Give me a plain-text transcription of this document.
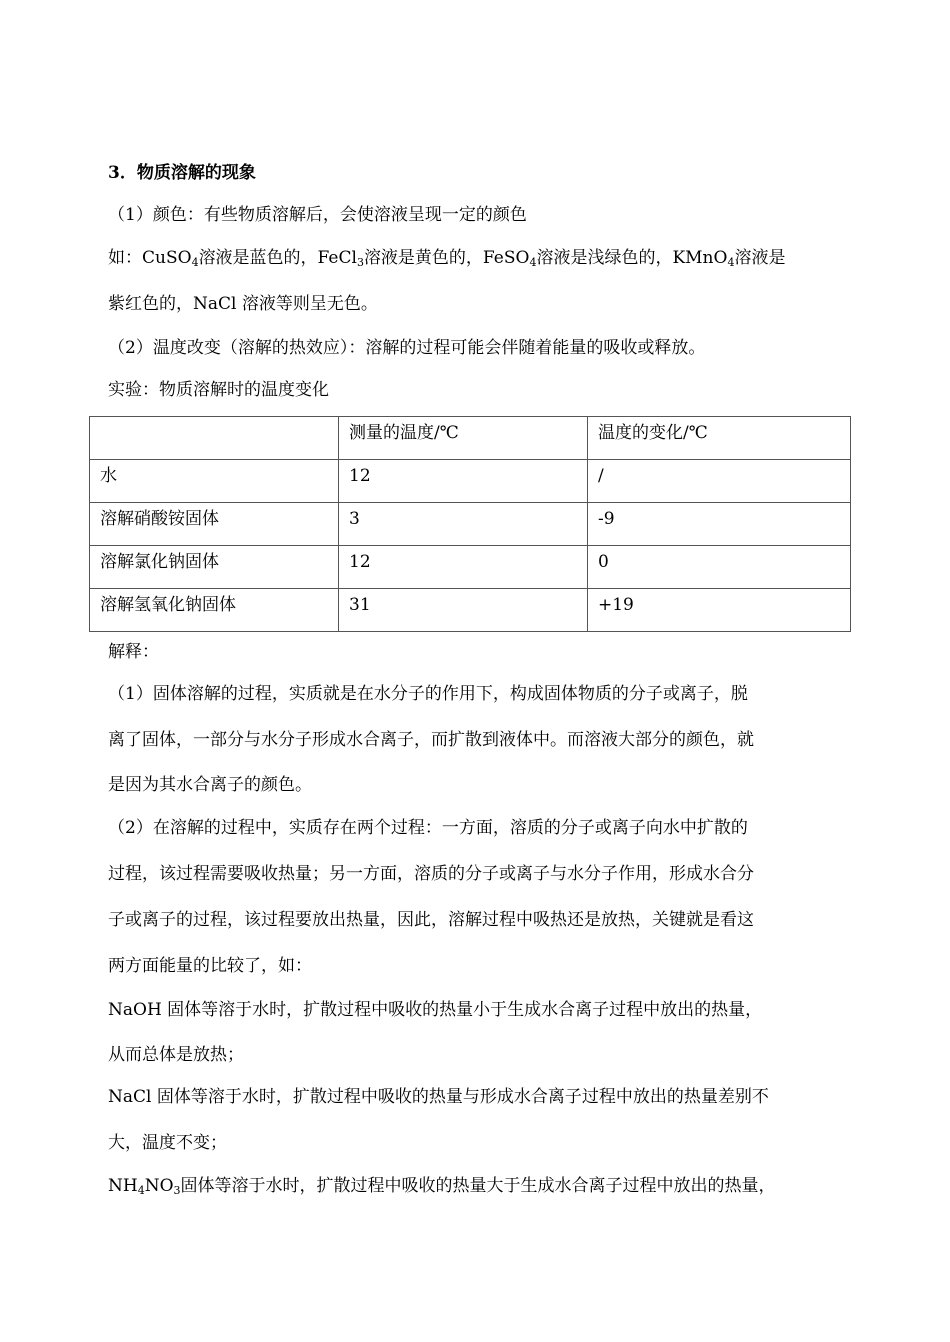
3．物质溶解的现象
（1）颜色：有些物质溶解后，会使溶液呈现一定的颜色
如：CuSO$_4$溶液是蓝色的，FeCl$_3$溶液是黄色的，FeSO$_4$溶液是浅绿色的，KMnO$_4$溶液是
紫红色的，NaCl 溶液等则呈无色。
（2）温度改变（溶解的热效应）：溶解的过程可能会伴随着能量的吸收或释放。
实验：物质溶解时的温度变化
	测量的温度/℃	温度的变化/℃
水	12	/
溶解硝酸铵固体	3	-9
溶解氯化钠固体	12	0
溶解氢氧化钠固体	31	+19
解释：
（1）固体溶解的过程，实质就是在水分子的作用下，构成固体物质的分子或离子，脱
离了固体，一部分与水分子形成水合离子，而扩散到液体中。而溶液大部分的颜色，就
是因为其水合离子的颜色。
（2）在溶解的过程中，实质存在两个过程：一方面，溶质的分子或离子向水中扩散的
过程，该过程需要吸收热量；另一方面，溶质的分子或离子与水分子作用，形成水合分
子或离子的过程，该过程要放出热量，因此，溶解过程中吸热还是放热，关键就是看这
两方面能量的比较了，如：
NaOH 固体等溶于水时，扩散过程中吸收的热量小于生成水合离子过程中放出的热量，
从而总体是放热；
NaCl 固体等溶于水时，扩散过程中吸收的热量与形成水合离子过程中放出的热量差别不
大，温度不变；
$NH_4NO_3$固体等溶于水时，扩散过程中吸收的热量大于生成水合离子过程中放出的热量，
